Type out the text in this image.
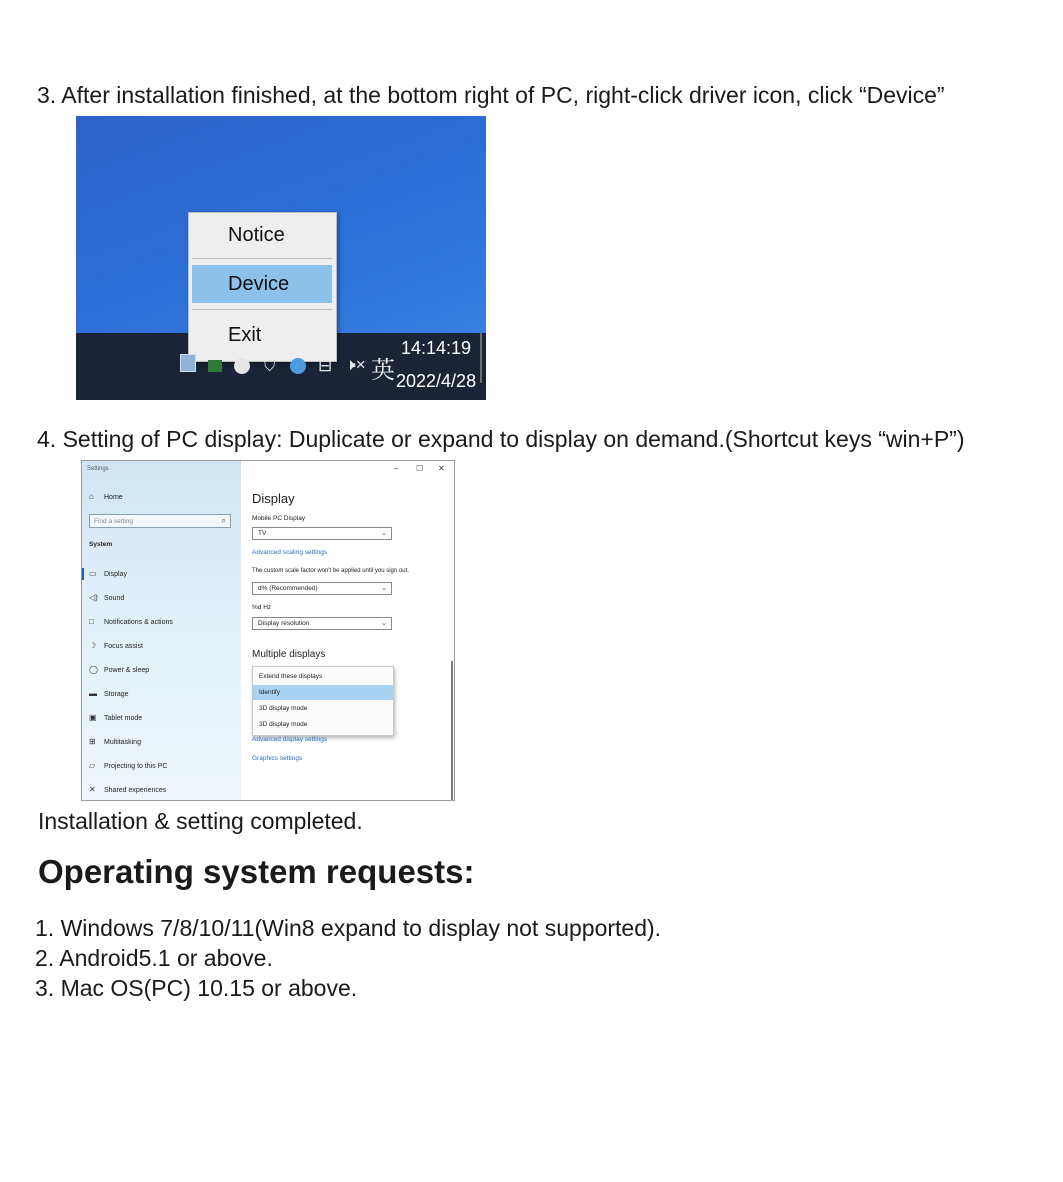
3. After installation finished, at the bottom right of PC, right-click driver icon, click “Device”
Notice
Device
Exit
⛉	⊟ 🕨× 英
14:14:19
2022/4/28
4. Setting of PC display: Duplicate or expand to display on demand.(Shortcut keys “win+P”)
Settings
⌂ Home
Find a setting	⌕
System
▭ Display
◁) Sound
□ Notifications & actions
☽ Focus assist
◯ Power & sleep
▬ Storage
▣ Tablet mode
⊞ Multitasking
▱ Projecting to this PC
✕ Shared experiences
– ☐ ✕
Display
Mobile PC Display
TV	⌄
Advanced scaling settings
The custom scale factor won't be applied until you sign out.
d% (Recommended)	⌄
%d Hz
Display resolution	⌄
Multiple displays
Extend these displays
Identify
3D display mode
3D display mode
Advanced display settings
Graphics settings
Installation & setting completed.
Operating system requests:
1. Windows 7/8/10/11(Win8 expand to display not supported).
2. Android5.1 or above.
3. Mac OS(PC) 10.15 or above.
